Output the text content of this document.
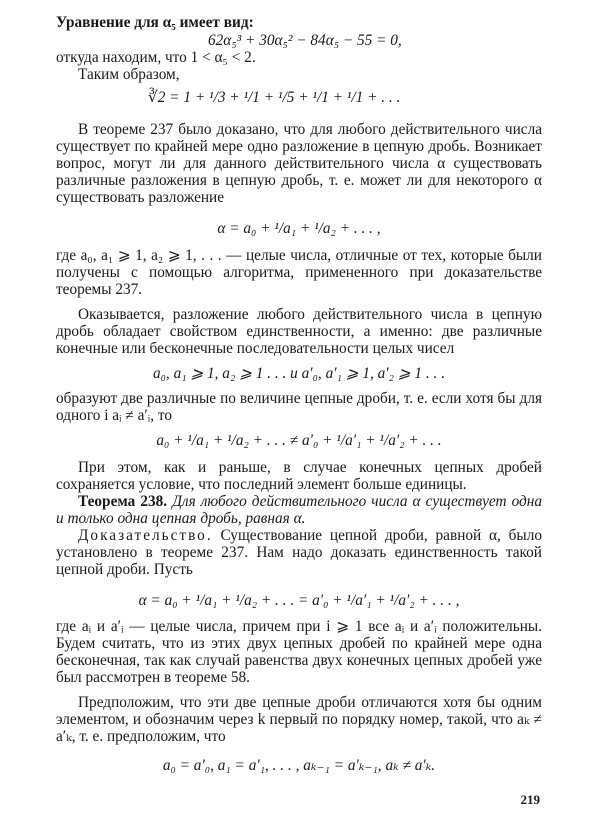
Уравнение для α₅ имеет вид:

62α₅³ + 30α₅² − 84α₅ − 55 = 0,

откуда находим, что 1 < α₅ < 2.

Таким образом,

∛2 = 1 + ¹/3 + ¹/1 + ¹/5 + ¹/1 + ¹/1 + . . .

В теореме 237 было доказано, что для любого действительного числа существует по крайней мере одно разложение в цепную дробь. Возникает вопрос, могут ли для данного действительного числа α существовать различные разложения в цепную дробь, т. е. может ли для некоторого α существовать разложение

α = a₀ + ¹/a₁ + ¹/a₂ + . . . ,

где a₀, a₁ ⩾ 1, a₂ ⩾ 1, . . . — целые числа, отличные от тех, которые были получены с помощью алгоритма, примененного при доказательстве теоремы 237.

Оказывается, разложение любого действительного числа в цепную дробь обладает свойством единственности, а именно: две различные конечные или бесконечные последовательности целых чисел

a₀, a₁ ⩾ 1, a₂ ⩾ 1 . . . и a′₀, a′₁ ⩾ 1, a′₂ ⩾ 1 . . .

образуют две различные по величине цепные дроби, т. е. если хотя бы для одного i aᵢ ≠ a′ᵢ, то

a₀ + ¹/a₁ + ¹/a₂ + . . . ≠ a′₀ + ¹/a′₁ + ¹/a′₂ + . . .

При этом, как и раньше, в случае конечных цепных дробей сохраняется условие, что последний элемент больше единицы.

Теорема 238. Для любого действительного числа α существует одна и только одна цепная дробь, равная α.

Доказательство. Существование цепной дроби, равной α, было установлено в теореме 237. Нам надо доказать единственность такой цепной дроби. Пусть

α = a₀ + ¹/a₁ + ¹/a₂ + . . . = a′₀ + ¹/a′₁ + ¹/a′₂ + . . . ,

где aᵢ и a′ᵢ — целые числа, причем при i ⩾ 1 все aᵢ и a′ᵢ положительны. Будем считать, что из этих двух цепных дробей по крайней мере одна бесконечная, так как случай равенства двух конечных цепных дробей уже был рассмотрен в теореме 58.

Предположим, что эти две цепные дроби отличаются хотя бы одним элементом, и обозначим через k первый по порядку номер, такой, что aₖ ≠ a′ₖ, т. е. предположим, что

a₀ = a′₀, a₁ = a′₁, . . . , aₖ₋₁ = a′ₖ₋₁, aₖ ≠ a′ₖ.

219
